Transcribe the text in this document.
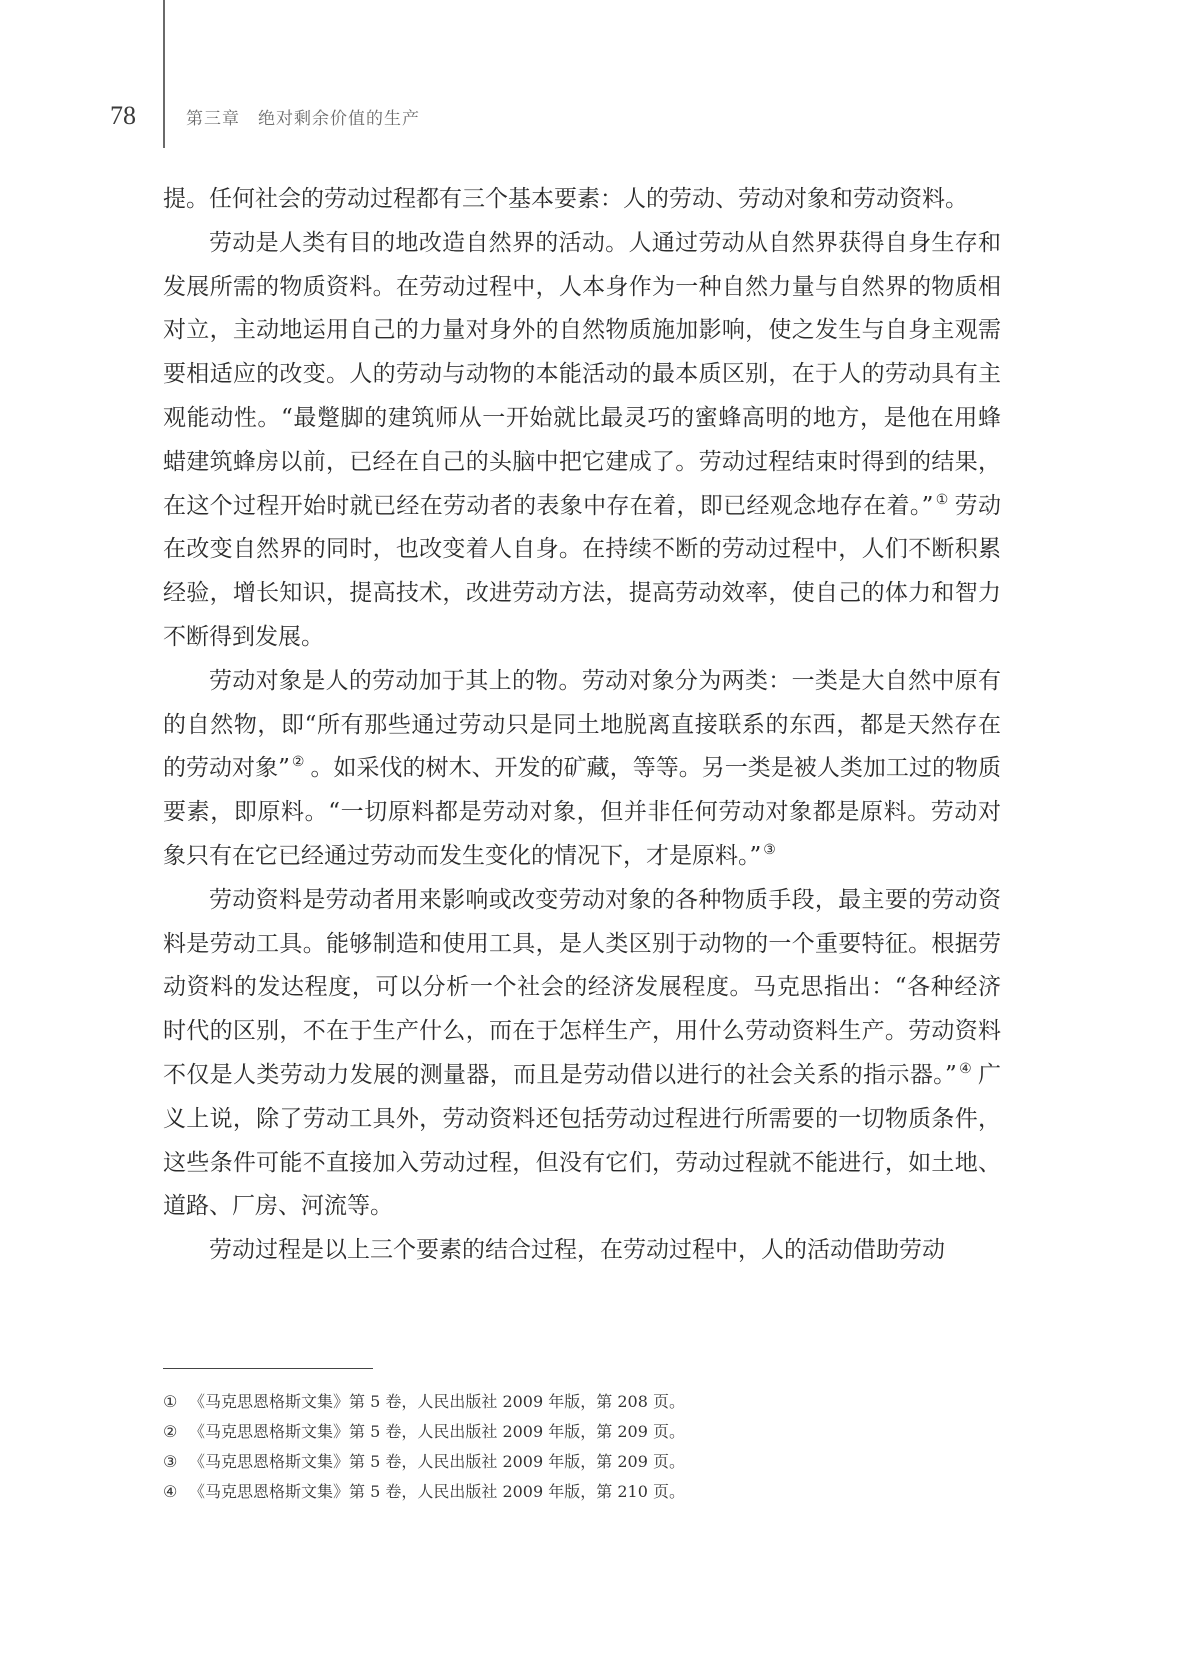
78	第三章 绝对剩余价值的生产

提。任何社会的劳动过程都有三个基本要素：人的劳动、劳动对象和劳动资料。

劳动是人类有目的地改造自然界的活动。人通过劳动从自然界获得自身生存和发展所需的物质资料。在劳动过程中，人本身作为一种自然力量与自然界的物质相对立，主动地运用自己的力量对身外的自然物质施加影响，使之发生与自身主观需要相适应的改变。人的劳动与动物的本能活动的最本质区别，在于人的劳动具有主观能动性。“最蹩脚的建筑师从一开始就比最灵巧的蜜蜂高明的地方，是他在用蜂蜡建筑蜂房以前，已经在自己的头脑中把它建成了。劳动过程结束时得到的结果，在这个过程开始时就已经在劳动者的表象中存在着，即已经观念地存在着。” ① 劳动在改变自然界的同时，也改变着人自身。在持续不断的劳动过程中，人们不断积累经验，增长知识，提高技术，改进劳动方法，提高劳动效率，使自己的体力和智力不断得到发展。

劳动对象是人的劳动加于其上的物。劳动对象分为两类：一类是大自然中原有的自然物，即“所有那些通过劳动只是同土地脱离直接联系的东西，都是天然存在的劳动对象” ② 。如采伐的树木、开发的矿藏，等等。另一类是被人类加工过的物质要素，即原料。“一切原料都是劳动对象，但并非任何劳动对象都是原料。劳动对象只有在它已经通过劳动而发生变化的情况下，才是原料。” ③

劳动资料是劳动者用来影响或改变劳动对象的各种物质手段，最主要的劳动资料是劳动工具。能够制造和使用工具，是人类区别于动物的一个重要特征。根据劳动资料的发达程度，可以分析一个社会的经济发展程度。马克思指出：“各种经济时代的区别，不在于生产什么，而在于怎样生产，用什么劳动资料生产。劳动资料不仅是人类劳动力发展的测量器，而且是劳动借以进行的社会关系的指示器。” ④ 广义上说，除了劳动工具外，劳动资料还包括劳动过程进行所需要的一切物质条件，这些条件可能不直接加入劳动过程，但没有它们，劳动过程就不能进行，如土地、道路、厂房、河流等。

劳动过程是以上三个要素的结合过程，在劳动过程中，人的活动借助劳动

① 《马克思恩格斯文集》第 5 卷，人民出版社 2009 年版，第 208 页。
② 《马克思恩格斯文集》第 5 卷，人民出版社 2009 年版，第 209 页。
③ 《马克思恩格斯文集》第 5 卷，人民出版社 2009 年版，第 209 页。
④ 《马克思恩格斯文集》第 5 卷，人民出版社 2009 年版，第 210 页。
